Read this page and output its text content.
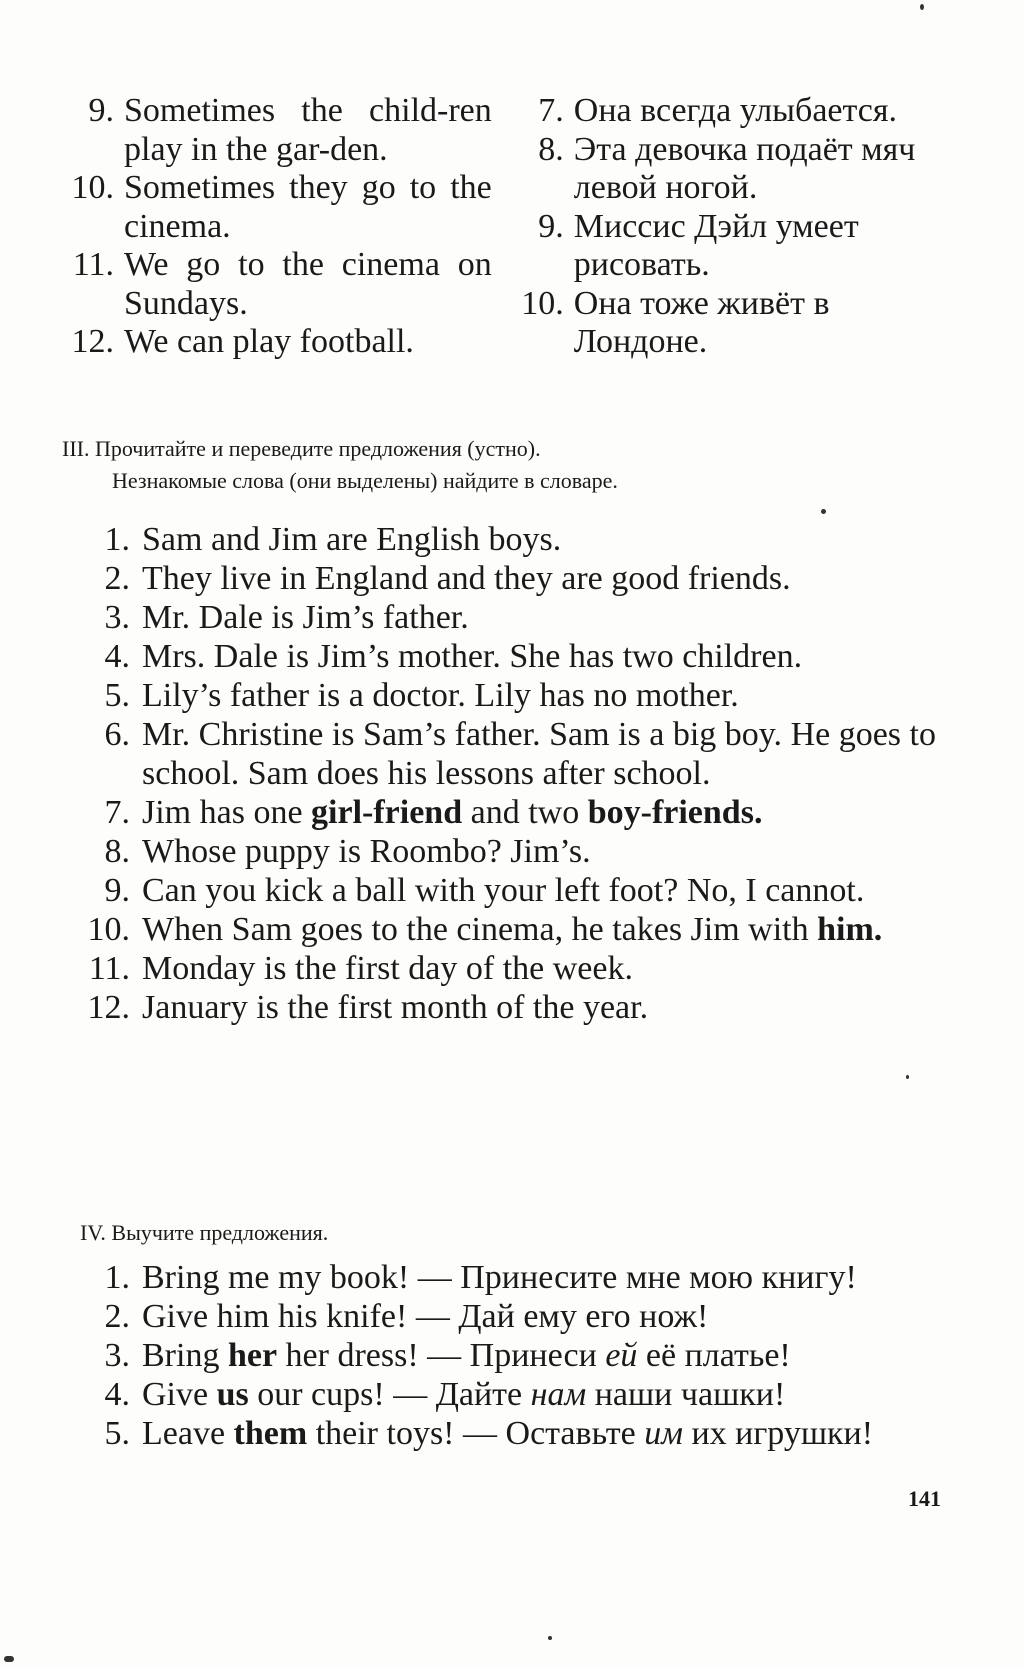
9. Sometimes the child-ren play in the gar-den.
10. Sometimes they go to the cinema.
11. We go to the cinema on Sundays.
12. We can play football.
7. Она всегда улыбается.
8. Эта девочка подаёт мяч левой ногой.
9. Миссис Дэйл умеет рисовать.
10. Она тоже живёт в Лондоне.
III. Прочитайте и переведите предложения (устно).
Незнакомые слова (они выделены) найдите в словаре.
1. Sam and Jim are English boys.
2. They live in England and they are good friends.
3. Mr. Dale is Jim’s father.
4. Mrs. Dale is Jim’s mother. She has two children.
5. Lily’s father is a doctor. Lily has no mother.
6. Mr. Christine is Sam’s father. Sam is a big boy. He goes to school. Sam does his lessons after school.
7. Jim has one girl-friend and two boy-friends.
8. Whose puppy is Roombo? Jim’s.
9. Can you kick a ball with your left foot? No, I cannot.
10. When Sam goes to the cinema, he takes Jim with him.
11. Monday is the first day of the week.
12. January is the first month of the year.
IV. Выучите предложения.
1. Bring me my book! — Принесите мне мою книгу!
2. Give him his knife! — Дай ему его нож!
3. Bring her her dress! — Принеси ей её платье!
4. Give us our cups! — Дайте нам наши чашки!
5. Leave them their toys! — Оставьте им их игрушки!
141
